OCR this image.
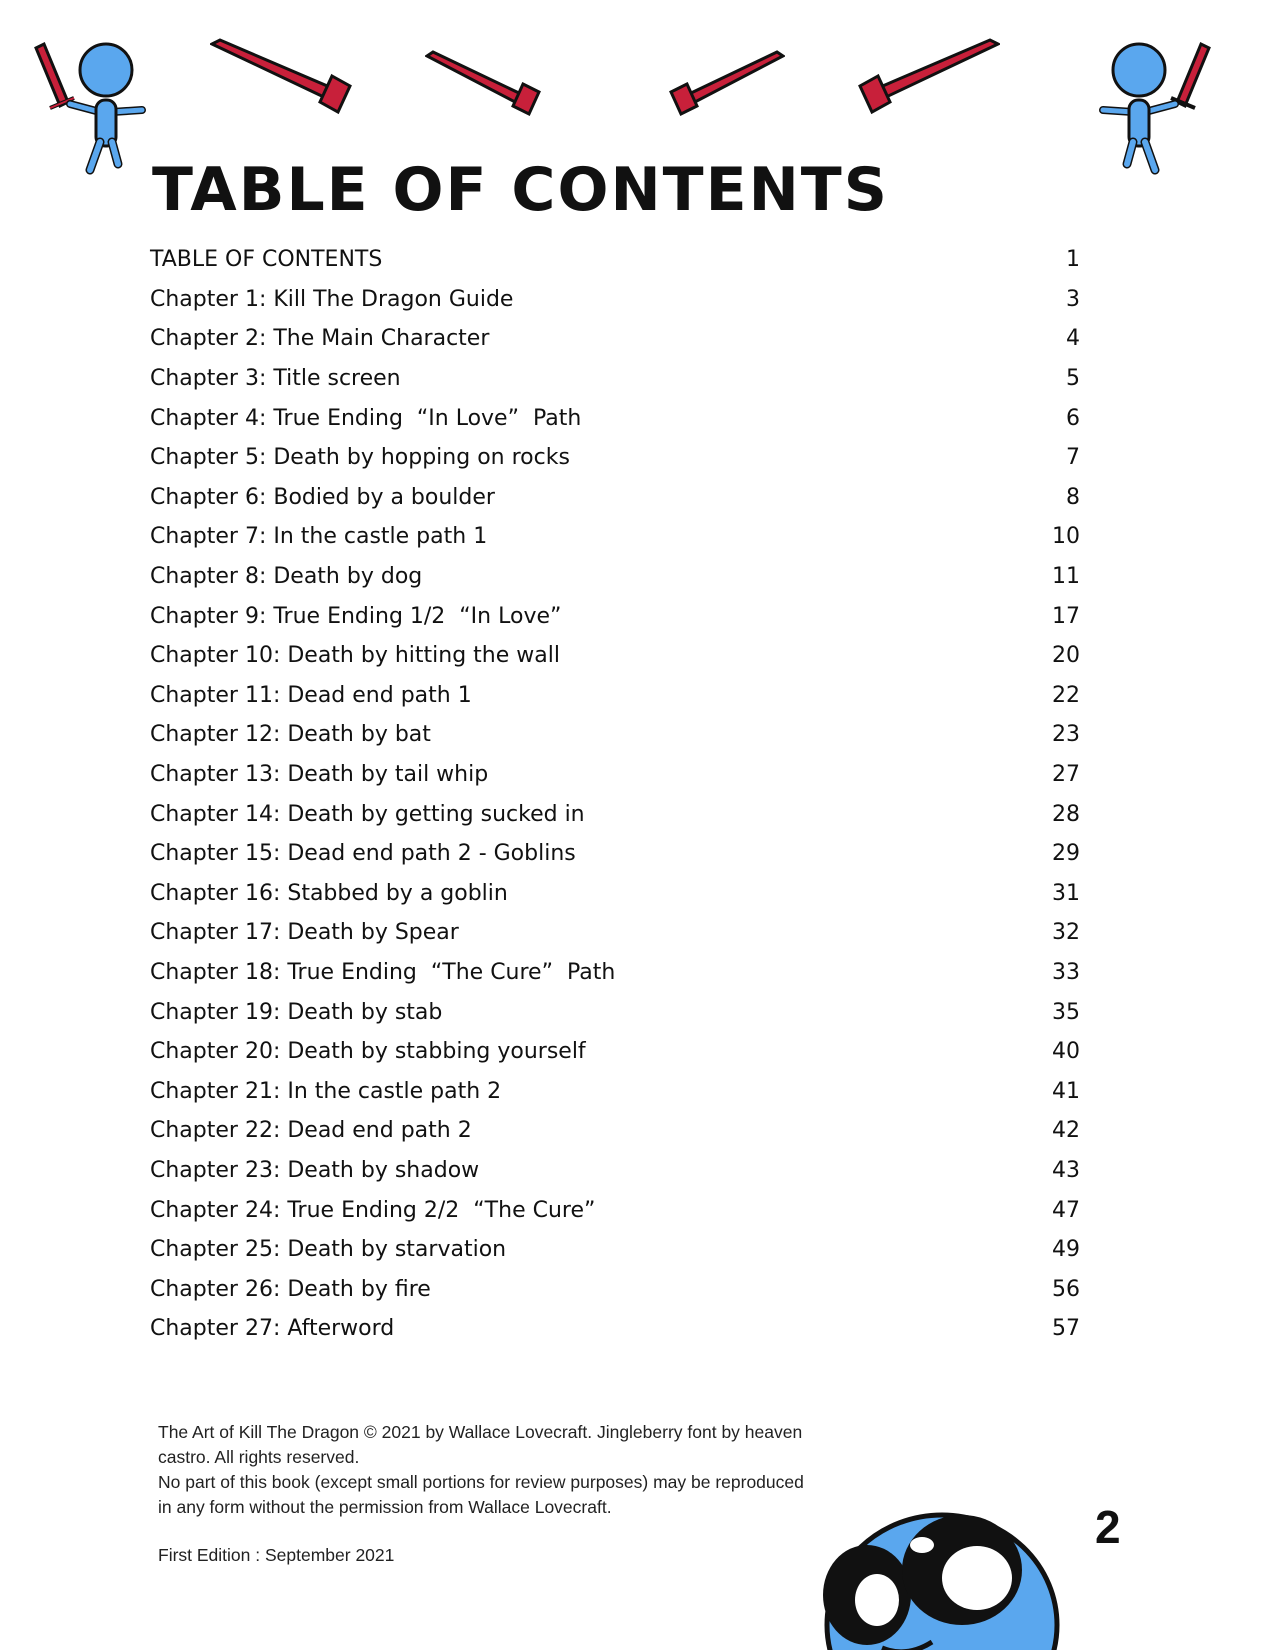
TABLE OF CONTENTS
TABLE OF CONTENTS	1
Chapter 1: Kill The Dragon Guide	3
Chapter 2: The Main Character	4
Chapter 3: Title screen	5
Chapter 4: True Ending  “In Love”  Path	6
Chapter 5: Death by hopping on rocks	7
Chapter 6: Bodied by a boulder	8
Chapter 7: In the castle path 1	10
Chapter 8: Death by dog	11
Chapter 9: True Ending 1/2  “In Love”	17
Chapter 10: Death by hitting the wall	20
Chapter 11: Dead end path 1	22
Chapter 12: Death by bat	23
Chapter 13: Death by tail whip	27
Chapter 14: Death by getting sucked in	28
Chapter 15: Dead end path 2 - Goblins	29
Chapter 16: Stabbed by a goblin	31
Chapter 17: Death by Spear	32
Chapter 18: True Ending  “The Cure”  Path	33
Chapter 19: Death by stab	35
Chapter 20: Death by stabbing yourself	40
Chapter 21: In the castle path 2	41
Chapter 22: Dead end path 2	42
Chapter 23: Death by shadow	43
Chapter 24: True Ending 2/2  “The Cure”	47
Chapter 25: Death by starvation	49
Chapter 26: Death by fire	56
Chapter 27: Afterword	57

The Art of Kill The Dragon © 2021 by Wallace Lovecraft. Jingleberry font by heaven castro. All rights reserved.

No part of this book (except small portions for review purposes) may be reproduced in any form without the permission from Wallace Lovecraft.

First Edition : September 2021
2
